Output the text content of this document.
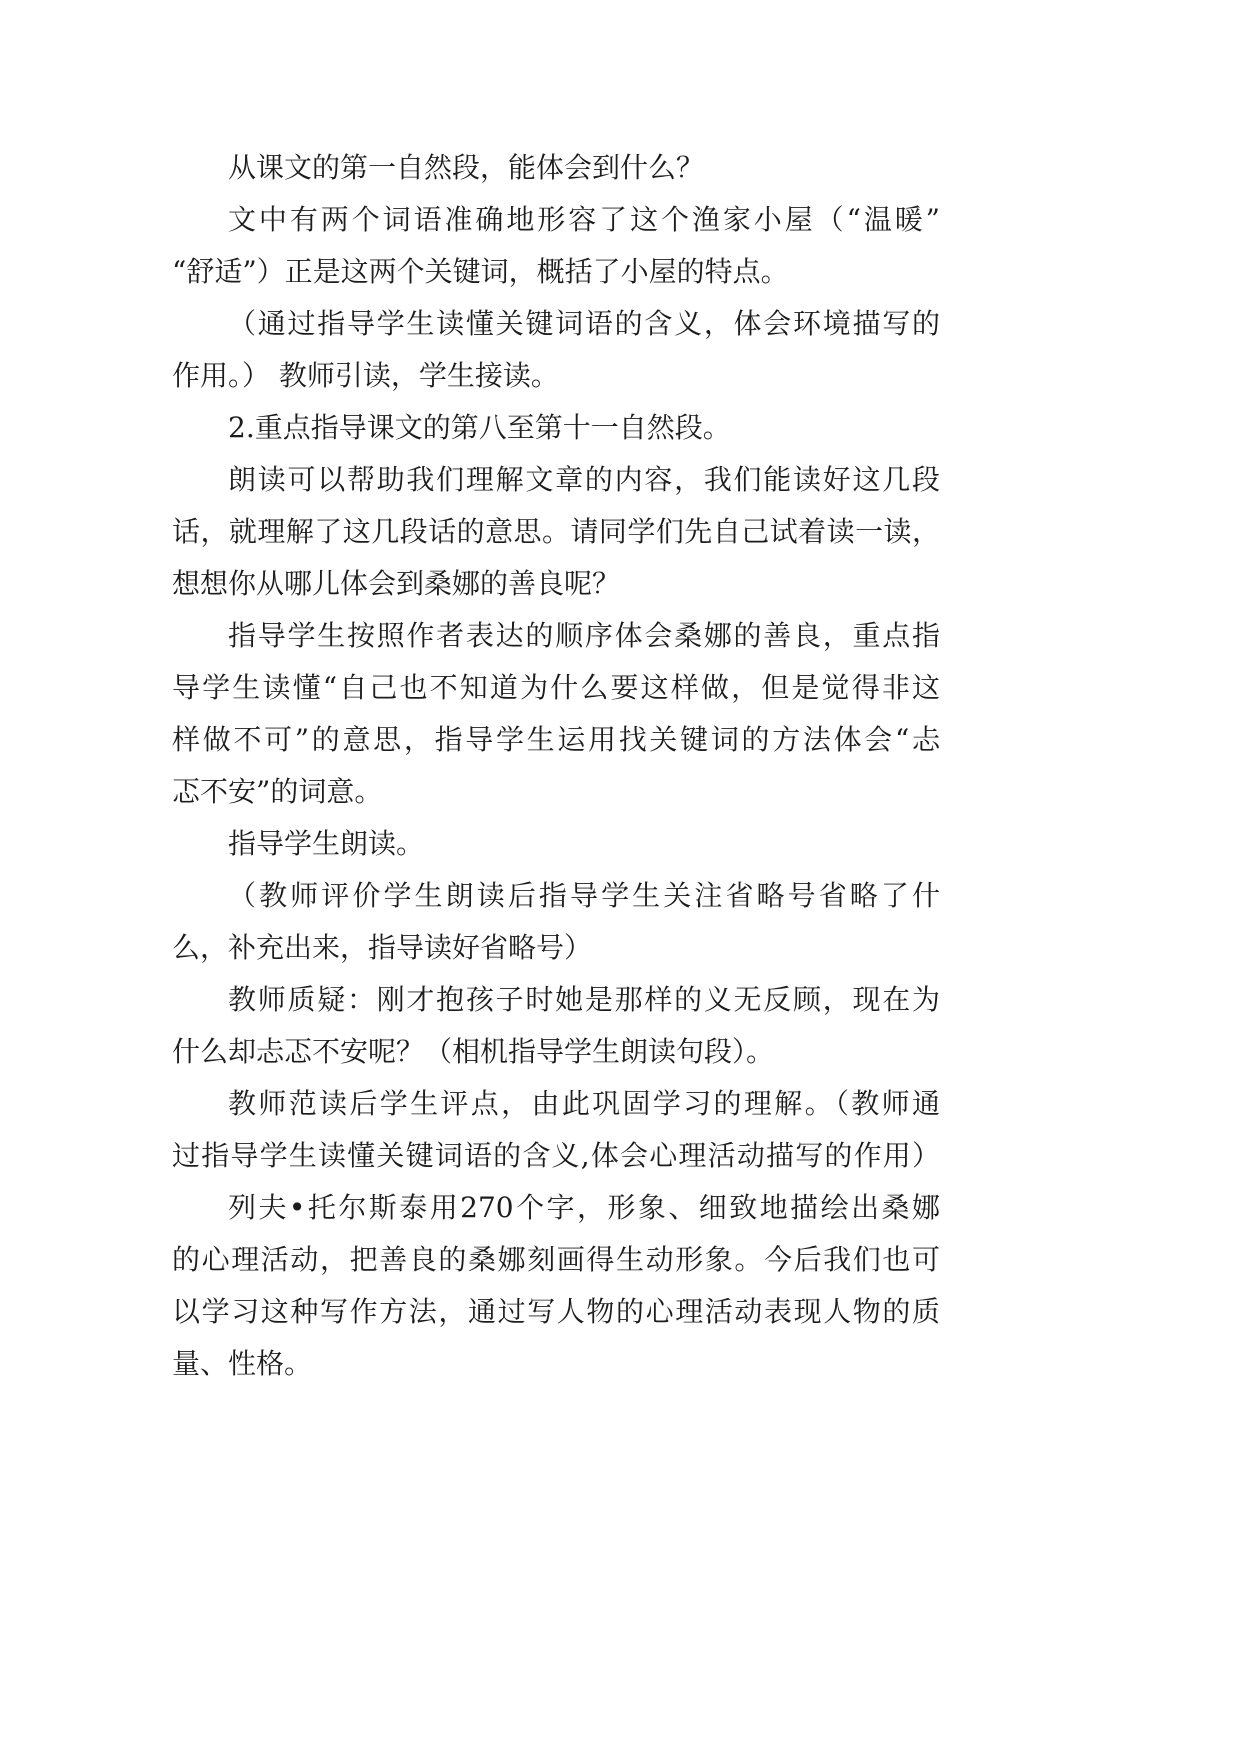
从课文的第一自然段，能体会到什么？
文中有两个词语准确地形容了这个渔家小屋（“温暖”
“舒适”）正是这两个关键词，概括了小屋的特点。
（通过指导学生读懂关键词语的含义，体会环境描写的
作用。） 教师引读，学生接读。
2.重点指导课文的第八至第十一自然段。
朗读可以帮助我们理解文章的内容，我们能读好这几段
话，就理解了这几段话的意思。请同学们先自己试着读一读，
想想你从哪儿体会到桑娜的善良呢？
指导学生按照作者表达的顺序体会桑娜的善良，重点指
导学生读懂“自己也不知道为什么要这样做，但是觉得非这
样做不可”的意思，指导学生运用找关键词的方法体会“忐
忑不安”的词意。
指导学生朗读。
（教师评价学生朗读后指导学生关注省略号省略了什
么，补充出来，指导读好省略号）
教师质疑：刚才抱孩子时她是那样的义无反顾，现在为
什么却忐忑不安呢？（相机指导学生朗读句段）。
教师范读后学生评点，由此巩固学习的理解。（教师通
过指导学生读懂关键词语的含义,体会心理活动描写的作用）
列夫•托尔斯泰用270个字，形象、细致地描绘出桑娜
的心理活动，把善良的桑娜刻画得生动形象。今后我们也可
以学习这种写作方法，通过写人物的心理活动表现人物的质
量、性格。
